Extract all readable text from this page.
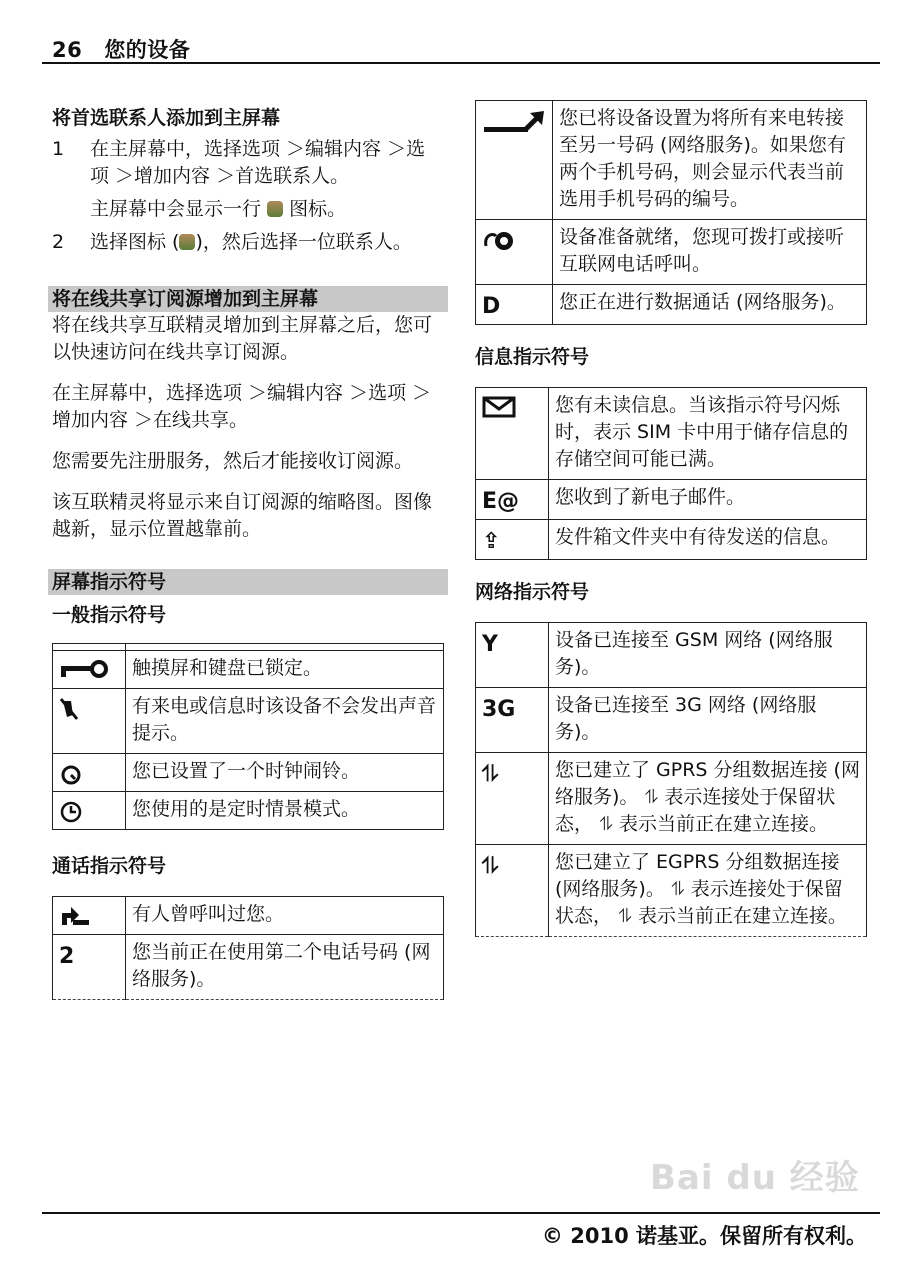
26 您的设备
将首选联系人添加到主屏幕
1	在主屏幕中，选择选项 ＞编辑内容 ＞选项 ＞增加内容 ＞首选联系人。
主屏幕中会显示一行 图标。
2	选择图标 ( )，然后选择一位联系人。
将在线共享订阅源增加到主屏幕

将在线共享互联精灵增加到主屏幕之后，您可以快速访问在线共享订阅源。

在主屏幕中，选择选项 ＞编辑内容 ＞选项 ＞增加内容 ＞在线共享。

您需要先注册服务，然后才能接收订阅源。

该互联精灵将显示来自订阅源的缩略图。图像越新，显示位置越靠前。

屏幕指示符号
一般指示符号

	触摸屏和键盘已锁定。

	有来电或信息时该设备不会发出声音提示。

	您已设置了一个时钟闹铃。

	您使用的是定时情景模式。
通话指示符号
	有人曾呼叫过您。
2	您当前正在使用第二个电话号码 (网络服务)。
	您已将设备设置为将所有来电转接至另一号码 (网络服务)。如果您有两个手机号码，则会显示代表当前选用手机号码的编号。

	设备准备就绪，您现可拨打或接听互联网电话呼叫。
D	您正在进行数据通话 (网络服务)。
信息指示符号
	您有未读信息。当该指示符号闪烁时，表示 SIM 卡中用于储存信息的存储空间可能已满。
E@	您收到了新电子邮件。
⇪	发件箱文件夹中有待发送的信息。
网络指示符号
Y	设备已连接至 GSM 网络 (网络服务)。
3G	设备已连接至 3G 网络 (网络服务)。
⥮	您已建立了 GPRS 分组数据连接 (网络服务)。 ⥮ 表示连接处于保留状态， ⥮ 表示当前正在建立连接。
⥮	您已建立了 EGPRS 分组数据连接 (网络服务)。 ⥮ 表示连接处于保留状态， ⥮ 表示当前正在建立连接。
Bai du 经验
© 2010 诺基亚。保留所有权利。
